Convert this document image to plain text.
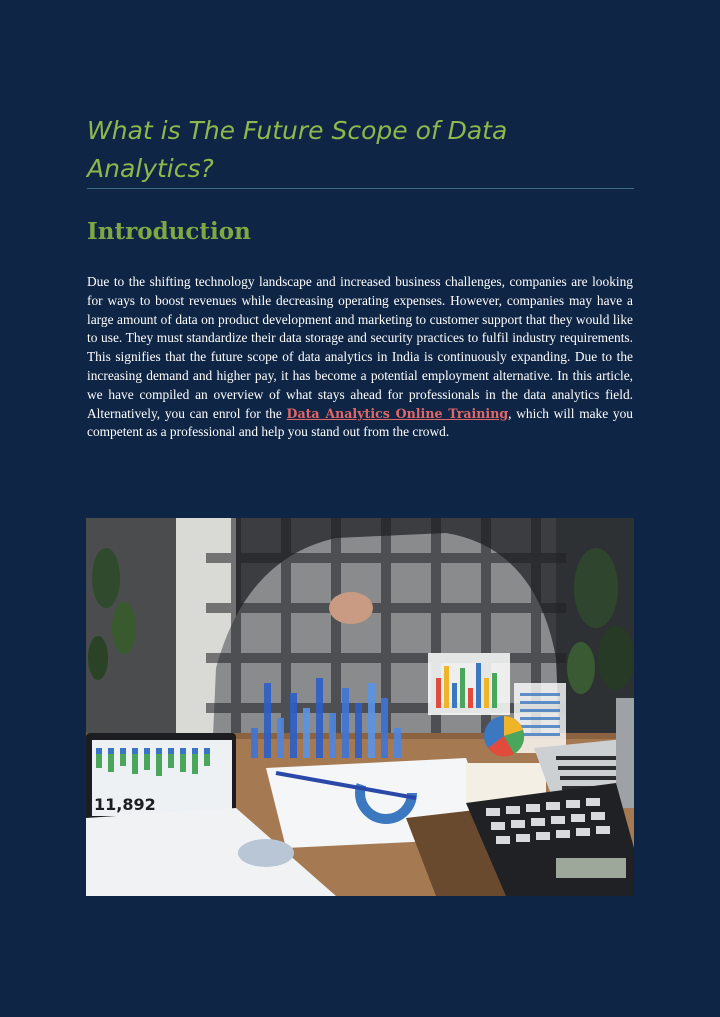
What is The Future Scope of Data Analytics?
Introduction

Due to the shifting technology landscape and increased business challenges, companies are looking for ways to boost revenues while decreasing operating expenses. However, companies may have a large amount of data on product development and marketing to customer support that they would like to use. They must standardize their data storage and security practices to fulfil industry requirements. This signifies that the future scope of data analytics in India is continuously expanding. Due to the increasing demand and higher pay, it has become a potential employment alternative. In this article, we have compiled an overview of what stays ahead for professionals in the data analytics field. Alternatively, you can enrol for the Data Analytics Online Training, which will make you competent as a professional and help you stand out from the crowd.

11,892
